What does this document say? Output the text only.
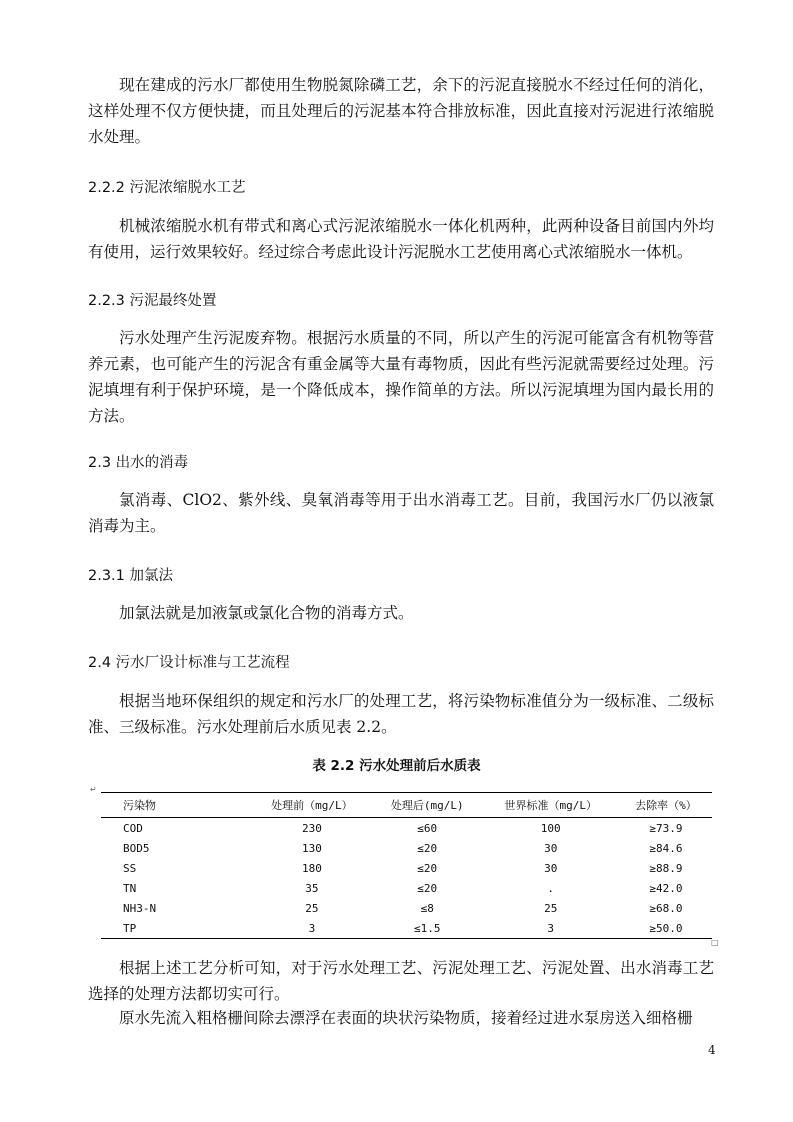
现在建成的污水厂都使用生物脱氮除磷工艺，余下的污泥直接脱水不经过任何的消化，这样处理不仅方便快捷，而且处理后的污泥基本符合排放标准，因此直接对污泥进行浓缩脱水处理。

2.2.2 污泥浓缩脱水工艺

机械浓缩脱水机有带式和离心式污泥浓缩脱水一体化机两种，此两种设备目前国内外均有使用，运行效果较好。经过综合考虑此设计污泥脱水工艺使用离心式浓缩脱水一体机。

2.2.3 污泥最终处置

污水处理产生污泥废弃物。根据污水质量的不同，所以产生的污泥可能富含有机物等营养元素，也可能产生的污泥含有重金属等大量有毒物质，因此有些污泥就需要经过处理。污泥填埋有利于保护环境，是一个降低成本，操作简单的方法。所以污泥填埋为国内最长用的方法。

2.3 出水的消毒

氯消毒、ClO2、紫外线、臭氧消毒等用于出水消毒工艺。目前，我国污水厂仍以液氯消毒为主。

2.3.1 加氯法

加氯法就是加液氯或氯化合物的消毒方式。

2.4 污水厂设计标准与工艺流程

根据当地环保组织的规定和污水厂的处理工艺，将污染物标准值分为一级标准、二级标准、三级标准。污水处理前后水质见表 2.2。

表 2.2 污水处理前后水质表
↵
污染物	处理前（mg/L）	处理后(mg/L)	世界标准（mg/L）	去除率（%）
COD	230	≤60	100	≥73.9
BOD5	130	≤20	30	≥84.6
SS	180	≤20	30	≥88.9
TN	35	≤20	.	≥42.0
NH3-N	25	≤8	25	≥68.0
TP	3	≤1.5	3	≥50.0
□

根据上述工艺分析可知，对于污水处理工艺、污泥处理工艺、污泥处置、出水消毒工艺选择的处理方法都切实可行。

原水先流入粗格栅间除去漂浮在表面的块状污染物质，接着经过进水泵房送入细格栅

4
